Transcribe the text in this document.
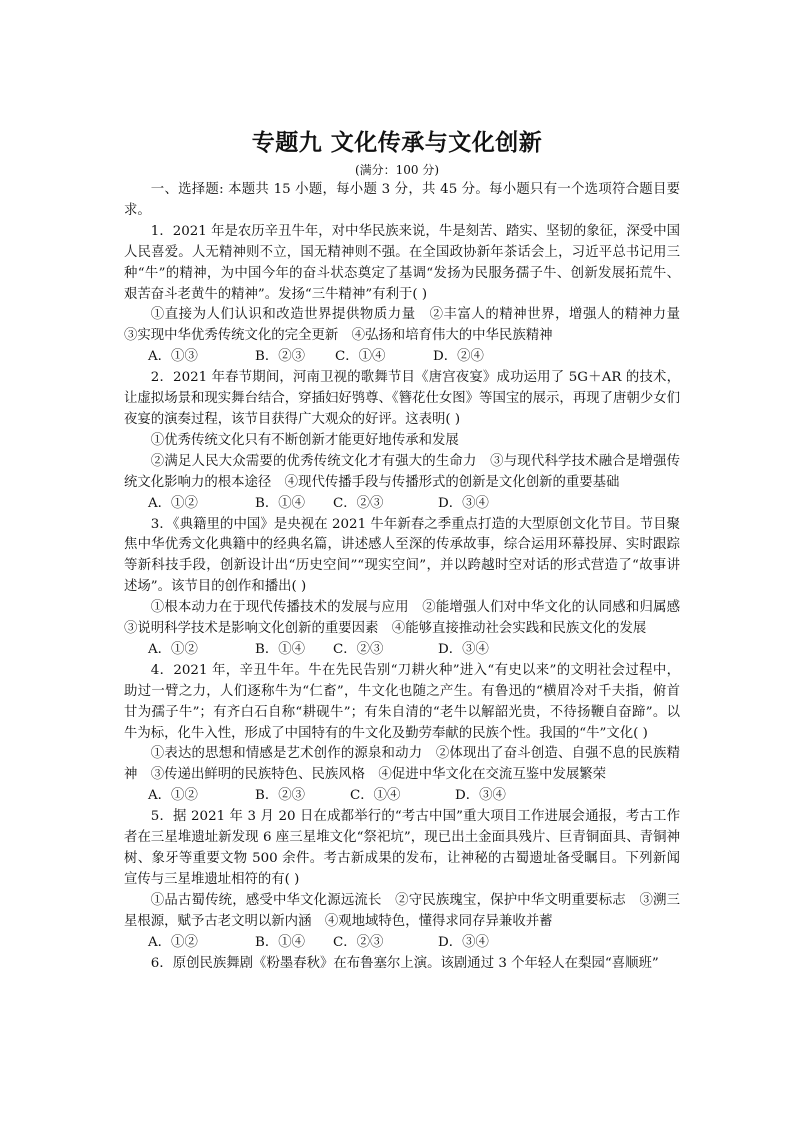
专题九 文化传承与文化创新
(满分：100 分)

一、选择题: 本题共 15 小题，每小题 3 分，共 45 分。每小题只有一个选项符合题目要求。

1．2021 年是农历辛丑牛年，对中华民族来说，牛是刻苦、踏实、坚韧的象征，深受中国人民喜爱。人无精神则不立，国无精神则不强。在全国政协新年茶话会上，习近平总书记用三种“牛”的精神，为中国今年的奋斗状态奠定了基调“发扬为民服务孺子牛、创新发展拓荒牛、艰苦奋斗老黄牛的精神”。发扬“三牛精神”有利于( )

①直接为人们认识和改造世界提供物质力量　②丰富人的精神世界，增强人的精神力量　③实现中华优秀传统文化的完全更新　④弘扬和培育伟大的中华民族精神

A．①③	B．②③ C．①④	D．②④

2．2021 年春节期间，河南卫视的歌舞节目《唐宫夜宴》成功运用了 5G＋AR 的技术，让虚拟场景和现实舞台结合，穿插妇好鸮尊、《簪花仕女图》等国宝的展示，再现了唐朝少女们夜宴的演奏过程，该节目获得广大观众的好评。这表明( )

①优秀传统文化只有不断创新才能更好地传承和发展

②满足人民大众需要的优秀传统文化才有强大的生命力　③与现代科学技术融合是增强传统文化影响力的根本途径　④现代传播手段与传播形式的创新是文化创新的重要基础

A．①②	B．①④ C．②③	D．③④

3．《典籍里的中国》是央视在 2021 牛年新春之季重点打造的大型原创文化节目。节目聚焦中华优秀文化典籍中的经典名篇，讲述感人至深的传承故事，综合运用环幕投屏、实时跟踪等新科技手段，创新设计出“历史空间”“现实空间”，并以跨越时空对话的形式营造了“故事讲述场”。该节目的创作和播出( )

①根本动力在于现代传播技术的发展与应用　②能增强人们对中华文化的认同感和归属感　③说明科学技术是影响文化创新的重要因素　④能够直接推动社会实践和民族文化的发展

A．①②	B．①④ C．②③	D．③④

4．2021 年，辛丑牛年。牛在先民告别“刀耕火种”进入“有史以来”的文明社会过程中，助过一臂之力，人们逐称牛为“仁畜”，牛文化也随之产生。有鲁迅的“横眉冷对千夫指，俯首甘为孺子牛”；有齐白石自称“耕砚牛”；有朱自清的“老牛以解韶光贵，不待扬鞭自奋蹄”。以牛为标，化牛入性，形成了中国特有的牛文化及勤劳奉献的民族个性。我国的“牛”文化( )

①表达的思想和情感是艺术创作的源泉和动力　②体现出了奋斗创造、自强不息的民族精神　③传递出鲜明的民族特色、民族风格　④促进中华文化在交流互鉴中发展繁荣

A．①②	B．②③	C．①④	D．③④

5．据 2021 年 3 月 20 日在成都举行的“考古中国”重大项目工作进展会通报，考古工作者在三星堆遗址新发现 6 座三星堆文化“祭祀坑”，现已出土金面具残片、巨青铜面具、青铜神树、象牙等重要文物 500 余件。考古新成果的发布，让神秘的古蜀遗址备受瞩目。下列新闻宣传与三星堆遗址相符的有( )

①品古蜀传统，感受中华文化源远流长　②守民族瑰宝，保护中华文明重要标志　③溯三星根源，赋予古老文明以新内涵　④观地域特色，懂得求同存异兼收并蓄

A．①②	B．①④ C．②③	D．③④

6．原创民族舞剧《粉墨春秋》在布鲁塞尔上演。该剧通过 3 个年轻人在梨园“喜顺班”
